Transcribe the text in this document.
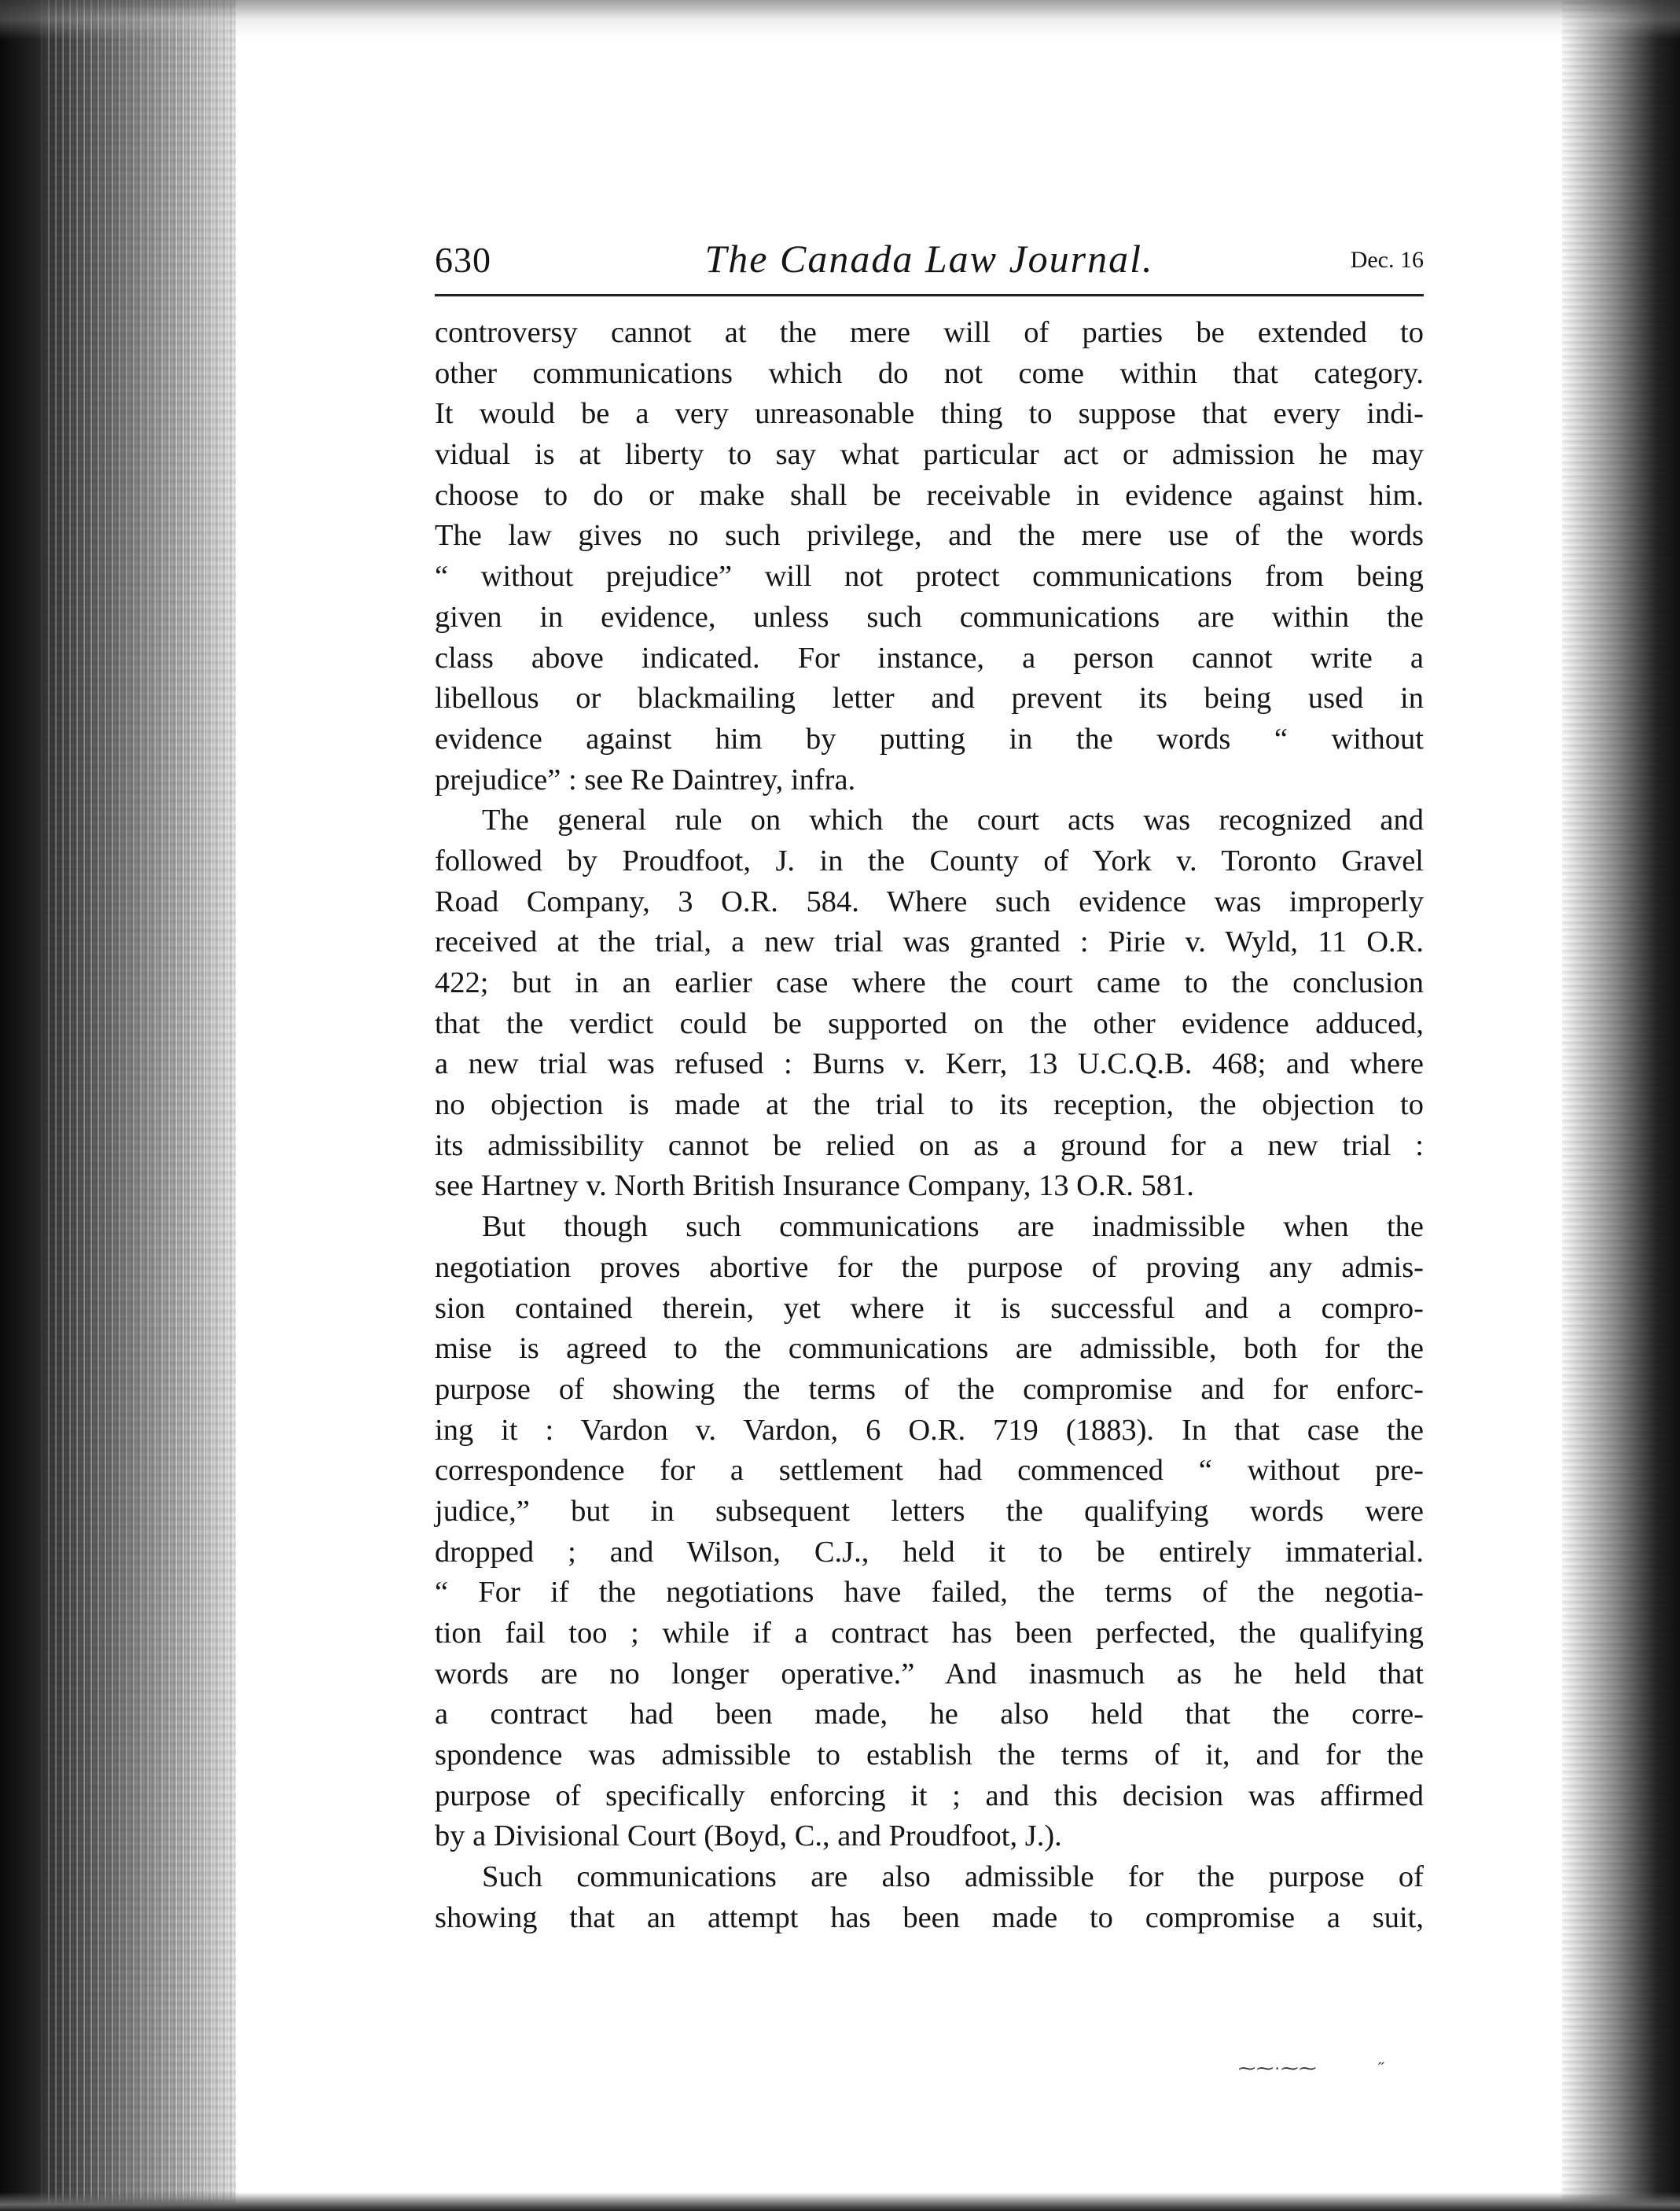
630	The Canada Law Journal.	Dec. 16
controversy cannot at the mere will of parties be extended to
other communications which do not come within that category.
It would be a very unreasonable thing to suppose that every indi-
vidual is at liberty to say what particular act or admission he may
choose to do or make shall be receivable in evidence against him.
The law gives no such privilege, and the mere use of the words
“ without prejudice” will not protect communications from being
given in evidence, unless such communications are within the
class above indicated. For instance, a person cannot write a
libellous or blackmailing letter and prevent its being used in
evidence against him by putting in the words “ without
prejudice” : see Re Daintrey, infra.
The general rule on which the court acts was recognized and
followed by Proudfoot, J. in the County of York v. Toronto Gravel
Road Company, 3 O.R. 584. Where such evidence was improperly
received at the trial, a new trial was granted : Pirie v. Wyld, 11 O.R.
422; but in an earlier case where the court came to the conclusion
that the verdict could be supported on the other evidence adduced,
a new trial was refused : Burns v. Kerr, 13 U.C.Q.B. 468; and where
no objection is made at the trial to its reception, the objection to
its admissibility cannot be relied on as a ground for a new trial :
see Hartney v. North British Insurance Company, 13 O.R. 581.
But though such communications are inadmissible when the
negotiation proves abortive for the purpose of proving any admis-
sion contained therein, yet where it is successful and a compro-
mise is agreed to the communications are admissible, both for the
purpose of showing the terms of the compromise and for enforc-
ing it : Vardon v. Vardon, 6 O.R. 719 (1883). In that case the
correspondence for a settlement had commenced “ without pre-
judice,” but in subsequent letters the qualifying words were
dropped ; and Wilson, C.J., held it to be entirely immaterial.
“ For if the negotiations have failed, the terms of the negotia-
tion fail too ; while if a contract has been perfected, the qualifying
words are no longer operative.” And inasmuch as he held that
a contract had been made, he also held that the corre-
spondence was admissible to establish the terms of it, and for the
purpose of specifically enforcing it ; and this decision was affirmed
by a Divisional Court (Boyd, C., and Proudfoot, J.).
Such communications are also admissible for the purpose of
showing that an attempt has been made to compromise a suit,
⁓⁓·⁓⁓            ˝
